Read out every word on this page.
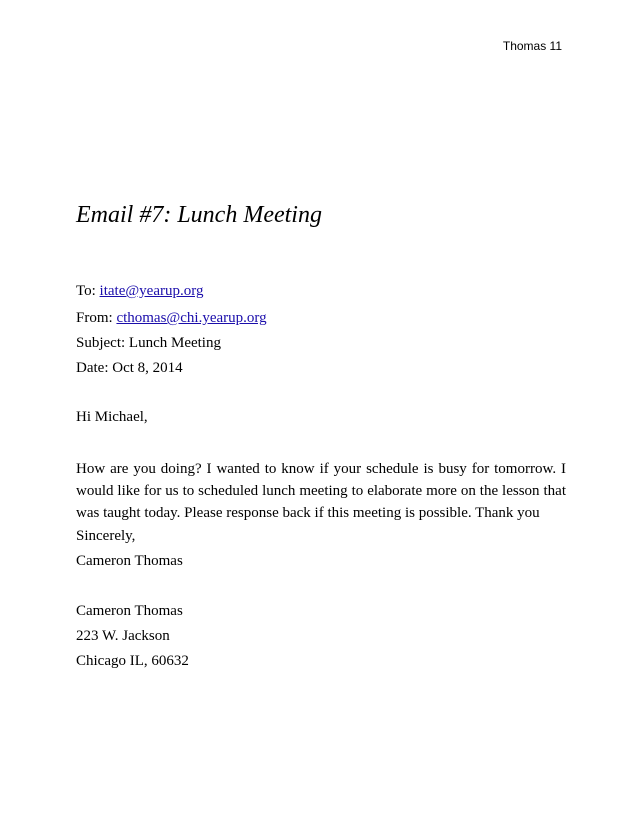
Thomas 11
Email #7: Lunch Meeting
To: itate@yearup.org
From: cthomas@chi.yearup.org
Subject: Lunch Meeting
Date: Oct 8, 2014
Hi Michael,
How are you doing? I wanted to know if your schedule is busy for tomorrow. I would like for us to scheduled lunch meeting to elaborate more on the lesson that was taught today. Please response back if this meeting is possible. Thank you
Sincerely,
Cameron Thomas
Cameron Thomas
223 W. Jackson
Chicago IL, 60632
